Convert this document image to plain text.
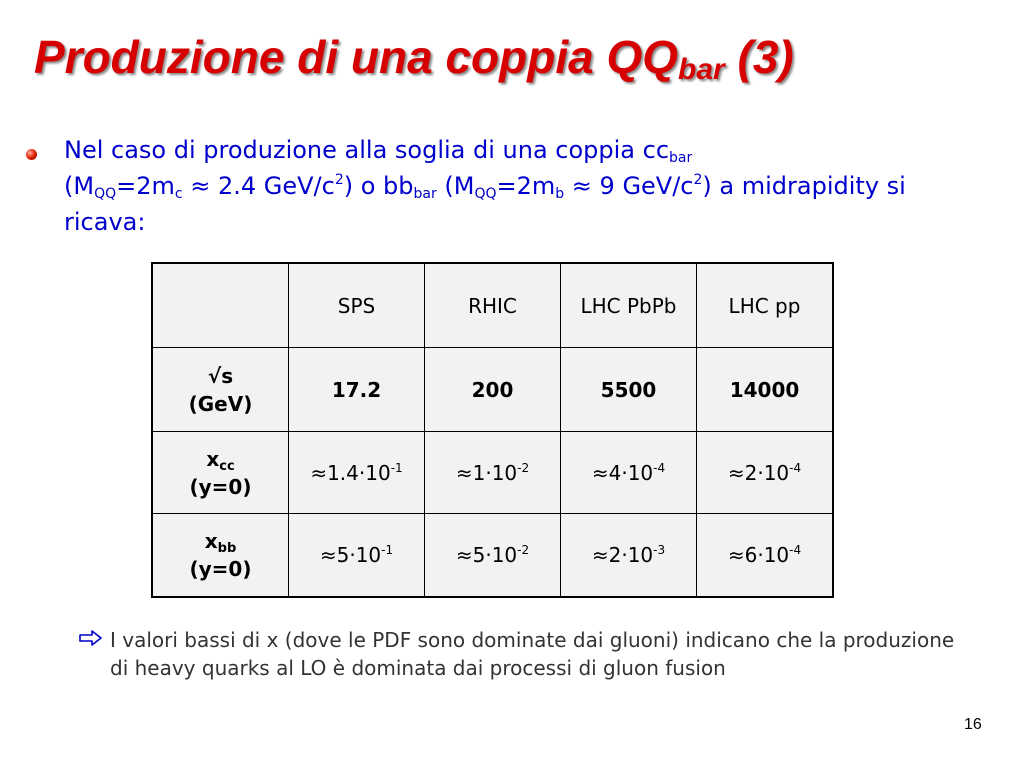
Produzione di una coppia $QQ_{bar}$ (3)
Nel caso di produzione alla soglia di una coppia $cc_{bar}$
($M_{QQ}=2m_c \approx 2.4$ GeV/$c^2$) o $bb_{bar}$ ($M_{QQ}=2m_b \approx 9$ GeV/$c^2$) a midrapidity si ricava:
	SPS	RHIC	LHC PbPb	LHC pp
√s
(GeV)	17.2	200	5500	14000
$x_{cc}$
(y=0)	$\approx 1.4\cdot 10^{-1}$	$\approx 1\cdot 10^{-2}$	$\approx 4\cdot 10^{-4}$	$\approx 2\cdot 10^{-4}$
$x_{bb}$
(y=0)	$\approx 5\cdot 10^{-1}$	$\approx 5\cdot 10^{-2}$	$\approx 2\cdot 10^{-3}$	$\approx 6\cdot 10^{-4}$
I valori bassi di x (dove le PDF sono dominate dai gluoni) indicano che la produzione di heavy quarks al LO è dominata dai processi di gluon fusion
16
